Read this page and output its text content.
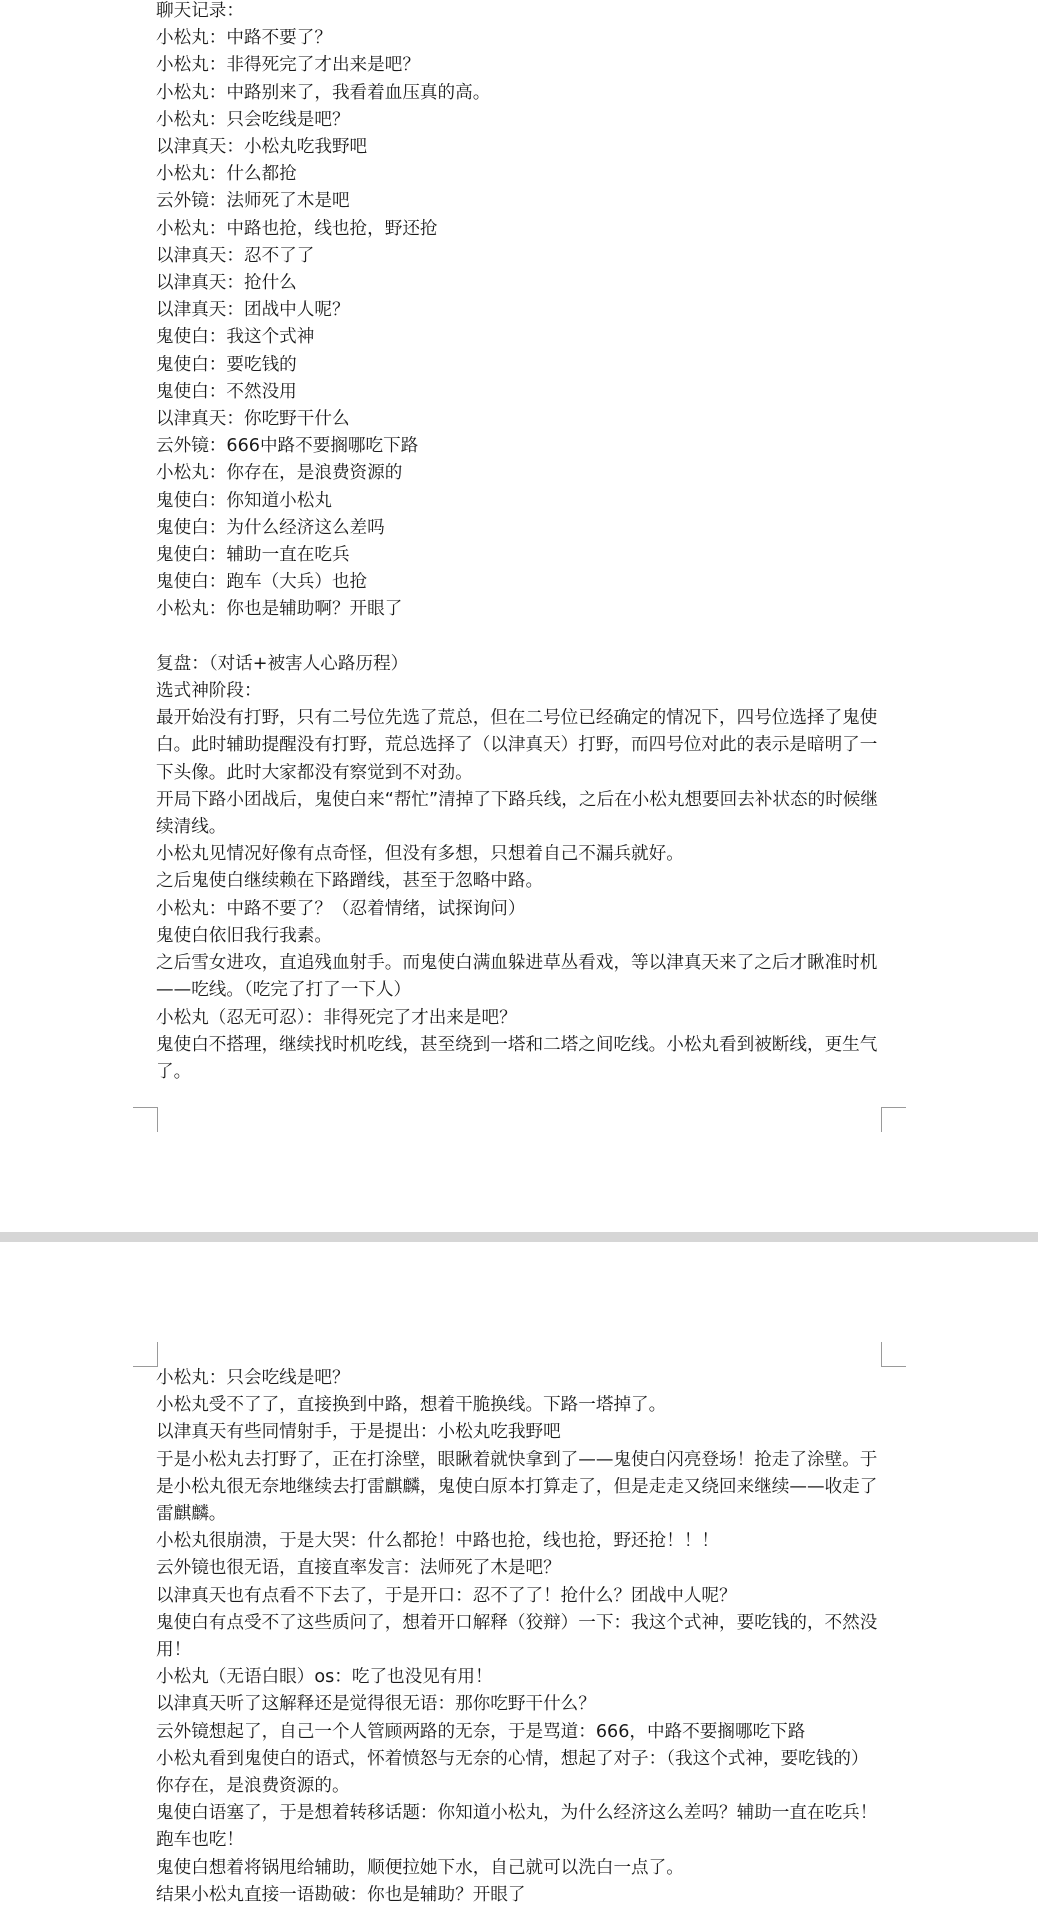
聊天记录：

小松丸：中路不要了？

小松丸：非得死完了才出来是吧？

小松丸：中路别来了，我看着血压真的高。

小松丸：只会吃线是吧？

以津真天：小松丸吃我野吧

小松丸：什么都抢

云外镜：法师死了木是吧

小松丸：中路也抢，线也抢，野还抢

以津真天：忍不了了

以津真天：抢什么

以津真天：团战中人呢？

鬼使白：我这个式神

鬼使白：要吃钱的

鬼使白：不然没用

以津真天：你吃野干什么

云外镜：666中路不要搁哪吃下路

小松丸：你存在，是浪费资源的

鬼使白：你知道小松丸

鬼使白：为什么经济这么差吗

鬼使白：辅助一直在吃兵

鬼使白：跑车（大兵）也抢

小松丸：你也是辅助啊？开眼了

复盘：（对话+被害人心路历程）

选式神阶段：

最开始没有打野，只有二号位先选了荒总，但在二号位已经确定的情况下，四号位选择了鬼使白。此时辅助提醒没有打野，荒总选择了（以津真天）打野，而四号位对此的表示是暗明了一下头像。此时大家都没有察觉到不对劲。

开局下路小团战后，鬼使白来“帮忙”清掉了下路兵线，之后在小松丸想要回去补状态的时候继续清线。

小松丸见情况好像有点奇怪，但没有多想，只想着自己不漏兵就好。

之后鬼使白继续赖在下路蹭线，甚至于忽略中路。

小松丸：中路不要了？（忍着情绪，试探询问）

鬼使白依旧我行我素。

之后雪女进攻，直追残血射手。而鬼使白满血躲进草丛看戏，等以津真天来了之后才瞅准时机——吃线。（吃完了打了一下人）

小松丸（忍无可忍）：非得死完了才出来是吧？

鬼使白不搭理，继续找时机吃线，甚至绕到一塔和二塔之间吃线。小松丸看到被断线，更生气了。

小松丸：只会吃线是吧？

小松丸受不了了，直接换到中路，想着干脆换线。下路一塔掉了。

以津真天有些同情射手，于是提出：小松丸吃我野吧

于是小松丸去打野了，正在打涂壁，眼瞅着就快拿到了——鬼使白闪亮登场！抢走了涂壁。于是小松丸很无奈地继续去打雷麒麟，鬼使白原本打算走了，但是走走又绕回来继续——收走了雷麒麟。

小松丸很崩溃，于是大哭：什么都抢！中路也抢，线也抢，野还抢！！！

云外镜也很无语，直接直率发言：法师死了木是吧？

以津真天也有点看不下去了，于是开口：忍不了了！抢什么？团战中人呢？

鬼使白有点受不了这些质问了，想着开口解释（狡辩）一下：我这个式神，要吃钱的，不然没用！

小松丸（无语白眼）os：吃了也没见有用！

以津真天听了这解释还是觉得很无语：那你吃野干什么？

云外镜想起了，自己一个人管顾两路的无奈，于是骂道：666，中路不要搁哪吃下路

小松丸看到鬼使白的语式，怀着愤怒与无奈的心情，想起了对子：（我这个式神，要吃钱的）你存在，是浪费资源的。

鬼使白语塞了，于是想着转移话题：你知道小松丸，为什么经济这么差吗？辅助一直在吃兵！跑车也吃！

鬼使白想着将锅甩给辅助，顺便拉她下水，自己就可以洗白一点了。

结果小松丸直接一语勘破：你也是辅助？开眼了
